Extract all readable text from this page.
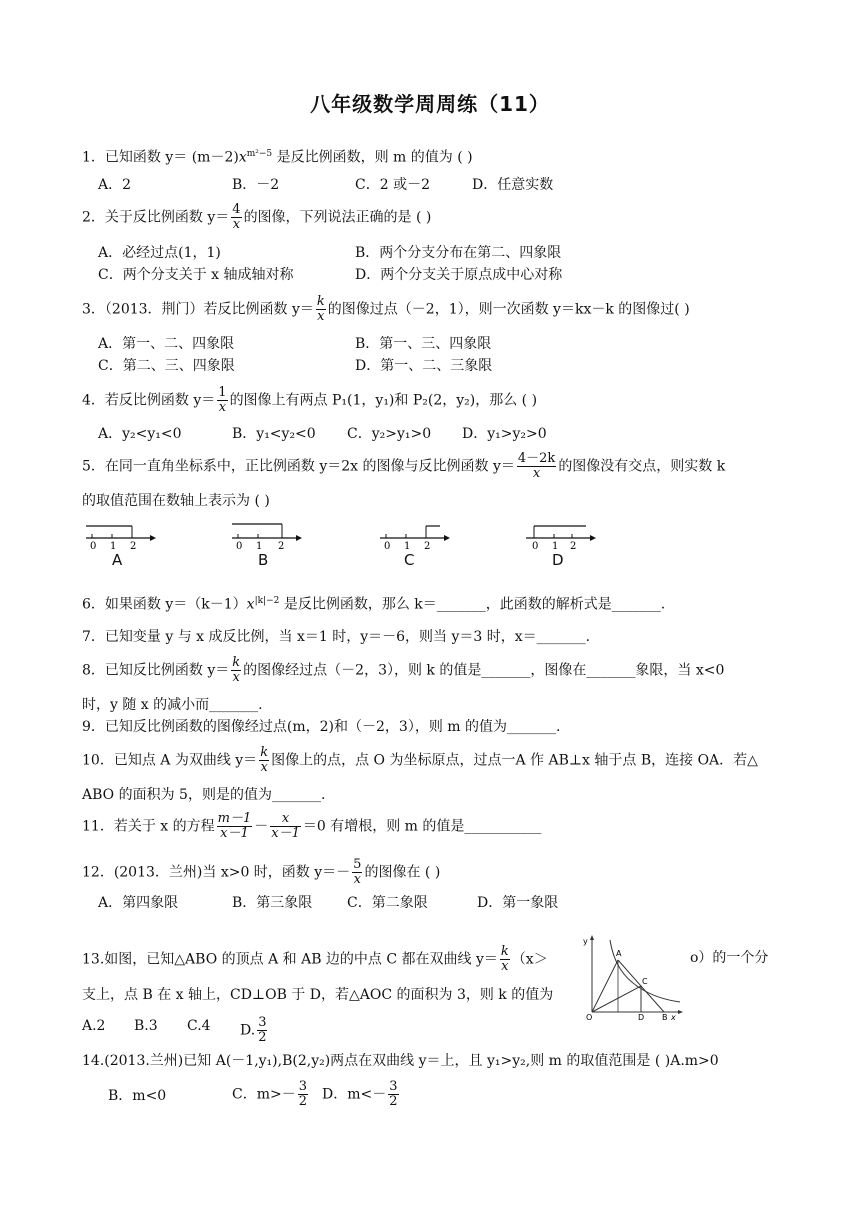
八年级数学周周练（11）
1．已知函数 $y= (m-2)x^{m^2-5}$ 是反比例函数，则 m 的值为 ( )
A．2	B．－2	C．2 或－2	D．任意实数
2．关于反比例函数 $y= \frac{4}{x}$ 的图像，下列说法正确的是 ( )
A．必经过点(1，1)	B．两个分支分布在第二、四象限
C．两个分支关于 x 轴成轴对称	D．两个分支关于原点成中心对称
3．（2013．荆门）若反比例函数 $y= \frac{k}{x}$ 的图像过点（－2，1），则一次函数 y＝kx－k 的图像过( )
A．第一、二、四象限	B．第一、三、四象限
C．第二、三、四象限	D．第一、二、三象限
4．若反比例函数 $y= \frac{1}{x}$ 的图像上有两点 P₁(1，y₁)和 P₂(2，y₂)，那么 ( )
A．y₂<y₁<0	B．y₁<y₂<0 C．y₂>y₁>0 D．y₁>y₂>0
5．在同一直角坐标系中，正比例函数 y＝2x 的图像与反比例函数 $y= \frac{4-2k}{x}$ 的图像没有交点，则实数 k
的取值范围在数轴上表示为 ( )
0 1 2
A
0 1 2
B
0 1 2
C
0 1 2
D
6．如果函数 $y=(k-1)x^{|k|-2}$ 是反比例函数，那么 k＝_______，此函数的解析式是_______.
7．已知变量 y 与 x 成反比例，当 x＝1 时，y＝－6，则当 y＝3 时，x＝_______.
8．已知反比例函数 $y= \frac{k}{x}$ 的图像经过点（－2，3），则 k 的值是_______，图像在_______象限，当 x<0
时，y 随 x 的减小而_______.
9．已知反比例函数的图像经过点(m，2)和（－2，3），则 m 的值为_______.
10．已知点 A 为双曲线 $y= \frac{k}{x}$ 图像上的点，点 O 为坐标原点，过点一A 作 AB⊥x 轴于点 B，连接 OA．若△
ABO 的面积为 5，则是的值为_______.
11．若关于 x 的方程 $\frac{m-1}{x-1} - \frac{x}{x-1} =0$ 有增根，则 m 的值是___________
12．(2013．兰州)当 x>0 时，函数 $y=- \frac{5}{x}$ 的图像在 ( )
A．第四象限	B．第三象限 C．第二象限	D．第一象限
13.如图，已知△ABO 的顶点 A 和 AB 边的中点 C 都在双曲线 $y= \frac{k}{x} (x>$	o）的一个分
支上，点 B 在 x 轴上，CD⊥OB 于 D，若△AOC 的面积为 3，则 k 的值为
A.2 B.3 C.4 D. $\frac{3}{2}$
y
A
C
O	D B x
14.(2013.兰州)已知 A(－1,y₁),B(2,y₂)两点在双曲线 y＝上，且 y₁>y₂,则 m 的取值范围是 ( )A.m>0
B．m<0	C．$m>- \frac{3}{2}$ D．$m<- \frac{3}{2}$
